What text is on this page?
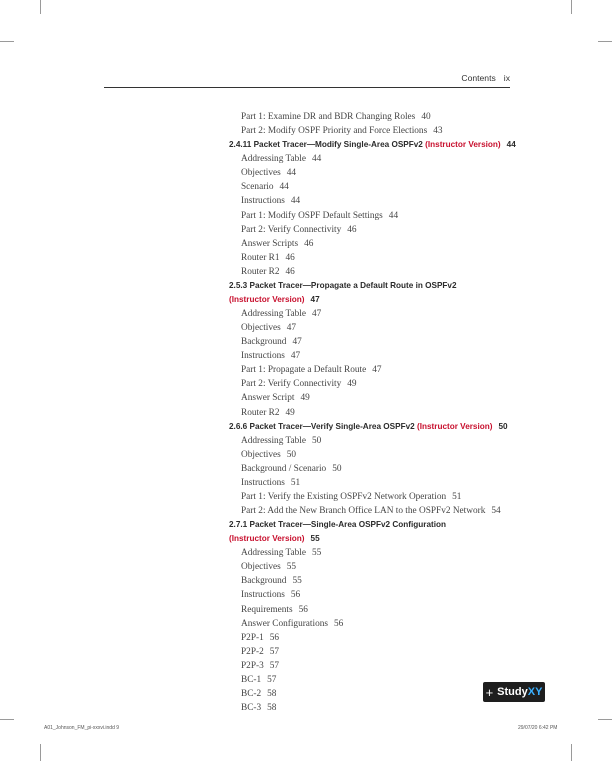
Contents ix
Part 1: Examine DR and BDR Changing Roles 40
Part 2: Modify OSPF Priority and Force Elections 43
2.4.11 Packet Tracer—Modify Single-Area OSPFv2 (Instructor Version) 44
Addressing Table 44
Objectives 44
Scenario 44
Instructions 44
Part 1: Modify OSPF Default Settings 44
Part 2: Verify Connectivity 46
Answer Scripts 46
Router R1 46
Router R2 46
2.5.3 Packet Tracer—Propagate a Default Route in OSPFv2
(Instructor Version) 47
Addressing Table 47
Objectives 47
Background 47
Instructions 47
Part 1: Propagate a Default Route 47
Part 2: Verify Connectivity 49
Answer Script 49
Router R2 49
2.6.6 Packet Tracer—Verify Single-Area OSPFv2 (Instructor Version) 50
Addressing Table 50
Objectives 50
Background / Scenario 50
Instructions 51
Part 1: Verify the Existing OSPFv2 Network Operation 51
Part 2: Add the New Branch Office LAN to the OSPFv2 Network 54
2.7.1 Packet Tracer—Single-Area OSPFv2 Configuration
(Instructor Version) 55
Addressing Table 55
Objectives 55
Background 55
Instructions 56
Requirements 56
Answer Configurations 56
P2P-1 56
P2P-2 57
P2P-3 57
BC-1 57
+ Study XY
A01_Johnson_FM_pi-xxxvi.indd 9	29/07/20 6:42 PM
BC-2 58
BC-3 58
